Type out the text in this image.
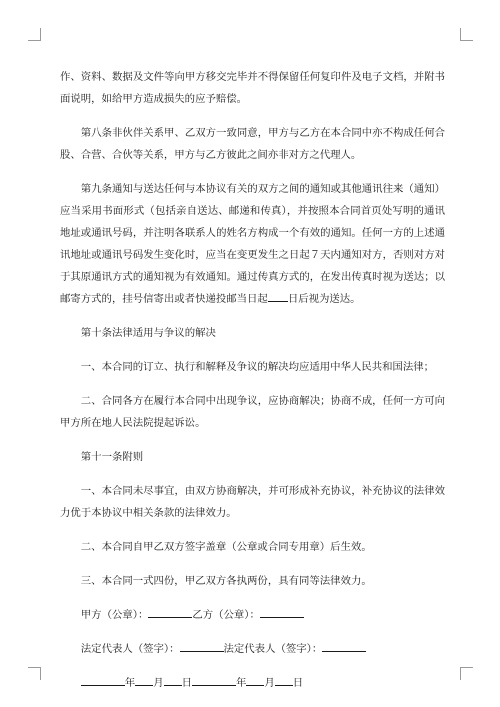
作、资料、数据及文件等向甲方移交完毕并不得保留任何复印件及电子文档，并附书面说明，如给甲方造成损失的应予赔偿。

第八条非伙伴关系甲、乙双方一致同意，甲方与乙方在本合同中亦不构成任何合股、合营、合伙等关系，甲方与乙方彼此之间亦非对方之代理人。

第九条通知与送达任何与本协议有关的双方之间的通知或其他通讯往来（通知）应当采用书面形式（包括亲自送达、邮递和传真），并按照本合同首页处写明的通讯地址或通讯号码，并注明各联系人的姓名方构成一个有效的通知。任何一方的上述通讯地址或通讯号码发生变化时，应当在变更发生之日起７天内通知对方，否则对方对于其原通讯方式的通知视为有效通知。通过传真方式的，在发出传真时视为送达；以邮寄方式的，挂号信寄出或者快递投邮当日起 日后视为送达。

第十条法律适用与争议的解决

一、本合同的订立、执行和解释及争议的解决均应适用中华人民共和国法律；

二、合同各方在履行本合同中出现争议，应协商解决；协商不成，任何一方可向甲方所在地人民法院提起诉讼。

第十一条附则

一、本合同未尽事宜，由双方协商解决，并可形成补充协议，补充协议的法律效力优于本协议中相关条款的法律效力。

二、本合同自甲乙双方签字盖章（公章或合同专用章）后生效。

三、本合同一式四份，甲乙双方各执两份，具有同等法律效力。

甲方（公章）：	乙方（公章）：

法定代表人（签字）：	法定代表人（签字）：

年 月 日	年 月 日
